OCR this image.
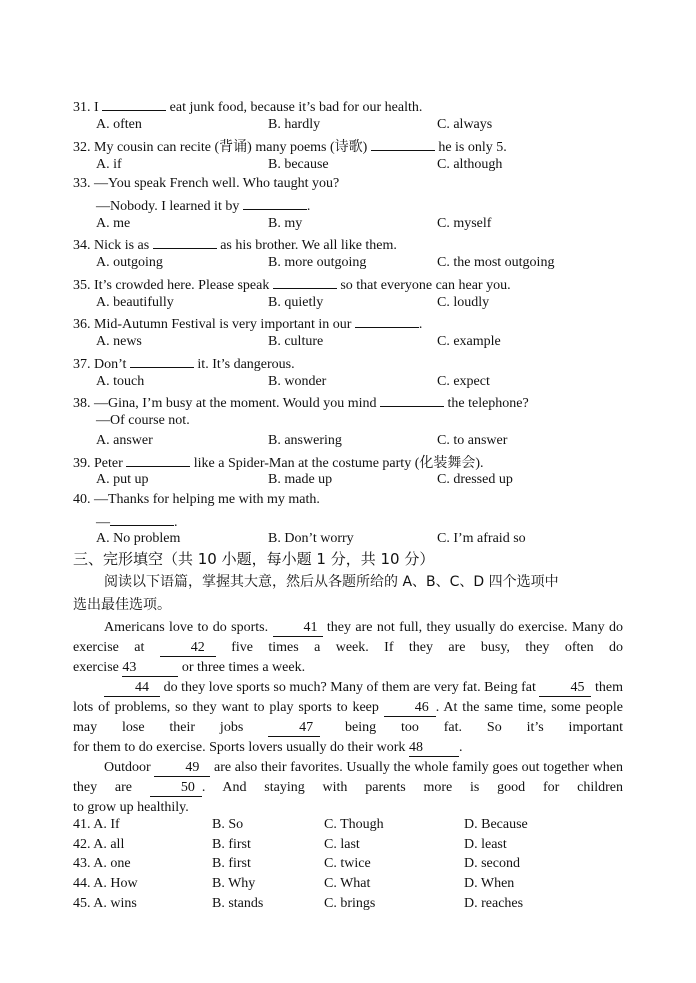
31. I	eat junk food, because it’s bad for our health.
A. often	B. hardly	C. always
32. My cousin can recite (背诵) many poems (诗歌)	he is only 5.
A. if	B. because	C. although
33. —You speak French well. Who taught you?
—Nobody. I learned it by	.
A. me	B. my	C. myself
34. Nick is as	as his brother. We all like them.
A. outgoing	B. more outgoing	C. the most outgoing
35. It’s crowded here. Please speak	so that everyone can hear you.
A. beautifully	B. quietly	C. loudly
36. Mid-Autumn Festival is very important in our	.
A. news	B. culture	C. example
37. Don’t	it. It’s dangerous.
A. touch	B. wonder	C. expect
38. —Gina, I’m busy at the moment. Would you mind	the telephone?
—Of course not.
A. answer	B. answering	C. to answer
39. Peter	like a Spider-Man at the costume party (化装舞会).
A. put up	B. made up	C. dressed up
40. —Thanks for helping me with my math.
—	.
A. No problem	B. Don’t worry	C. I’m afraid so
三、完形填空（共 10 小题，每小题 1 分，共 10 分）
阅读以下语篇，掌握其大意，然后从各题所给的 A、B、C、D 四个选项中
选出最佳选项。

Americans love to do sports.	41 they are not full, they usually do exercise. Many do exercise at	42 five times a week. If they are busy, they often do

exercise 43	or three times a week.

44 do they love sports so much? Many of them are very fat. Being fat 45 them lots of problems, so they want to play sports to keep	46 . At the same time, some people may lose their jobs	47 being too fat. So it’s important

for them to do exercise. Sports lovers usually do their work 48	.

Outdoor 49 are also their favorites. Usually the whole family goes out together when they are	50 . And staying with parents more is good for children

to grow up healthily.

41. A. If	B. So	C. Though	D. Because
42. A. all	B. first	C. last	D. least
43. A. one	B. first	C. twice	D. second
44. A. How	B. Why	C. What	D. When
45. A. wins	B. stands	C. brings	D. reaches
